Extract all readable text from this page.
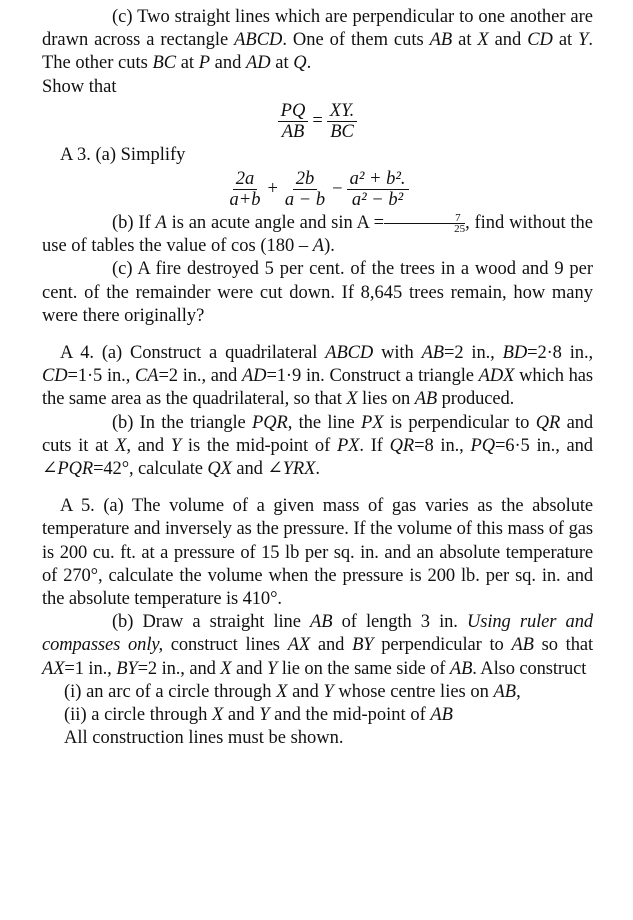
(c) Two straight lines which are perpendicular to one another are drawn across a rectangle ABCD. One of them cuts AB at X and CD at Y. The other cuts BC at P and AD at Q.

Show that

$\frac{PQ}{AB} = \frac{XY.}{BC}$

A 3. (a) Simplify

$\frac{2a}{a+b} + \frac{2b}{a - b} - \frac{\text{a² + b².}}{\text{a² − b²}}$

(b) If A is an acute angle and $\sin A = \frac{7}{25}$ , find without the use of tables the value of cos (180 – A).

(c) A fire destroyed 5 per cent. of the trees in a wood and 9 per cent. of the remainder were cut down. If 8,645 trees remain, how many were there originally?

A 4. (a) Construct a quadrilateral ABCD with AB=2 in., BD=2·8 in., CD=1·5 in., CA=2 in., and AD=1·9 in. Construct a triangle ADX which has the same area as the quadrilateral, so that X lies on AB produced.

(b) In the triangle PQR, the line PX is perpendicular to QR and cuts it at X, and Y is the mid-point of PX. If QR=8 in., PQ=6·5 in., and ∠PQR=42°, calculate QX and ∠YRX.

A 5. (a) The volume of a given mass of gas varies as the absolute temperature and inversely as the pressure. If the volume of this mass of gas is 200 cu. ft. at a pressure of 15 lb per sq. in. and an absolute temperature of 270°, calculate the volume when the pressure is 200 lb. per sq. in. and the absolute temperature is 410°.

(b) Draw a straight line AB of length 3 in. Using ruler and compasses only, construct lines AX and BY perpendicular to AB so that AX=1 in., BY=2 in., and X and Y lie on the same side of AB. Also construct

(i) an arc of a circle through X and Y whose centre lies on AB,

(ii) a circle through X and Y and the mid-point of AB

All construction lines must be shown.
